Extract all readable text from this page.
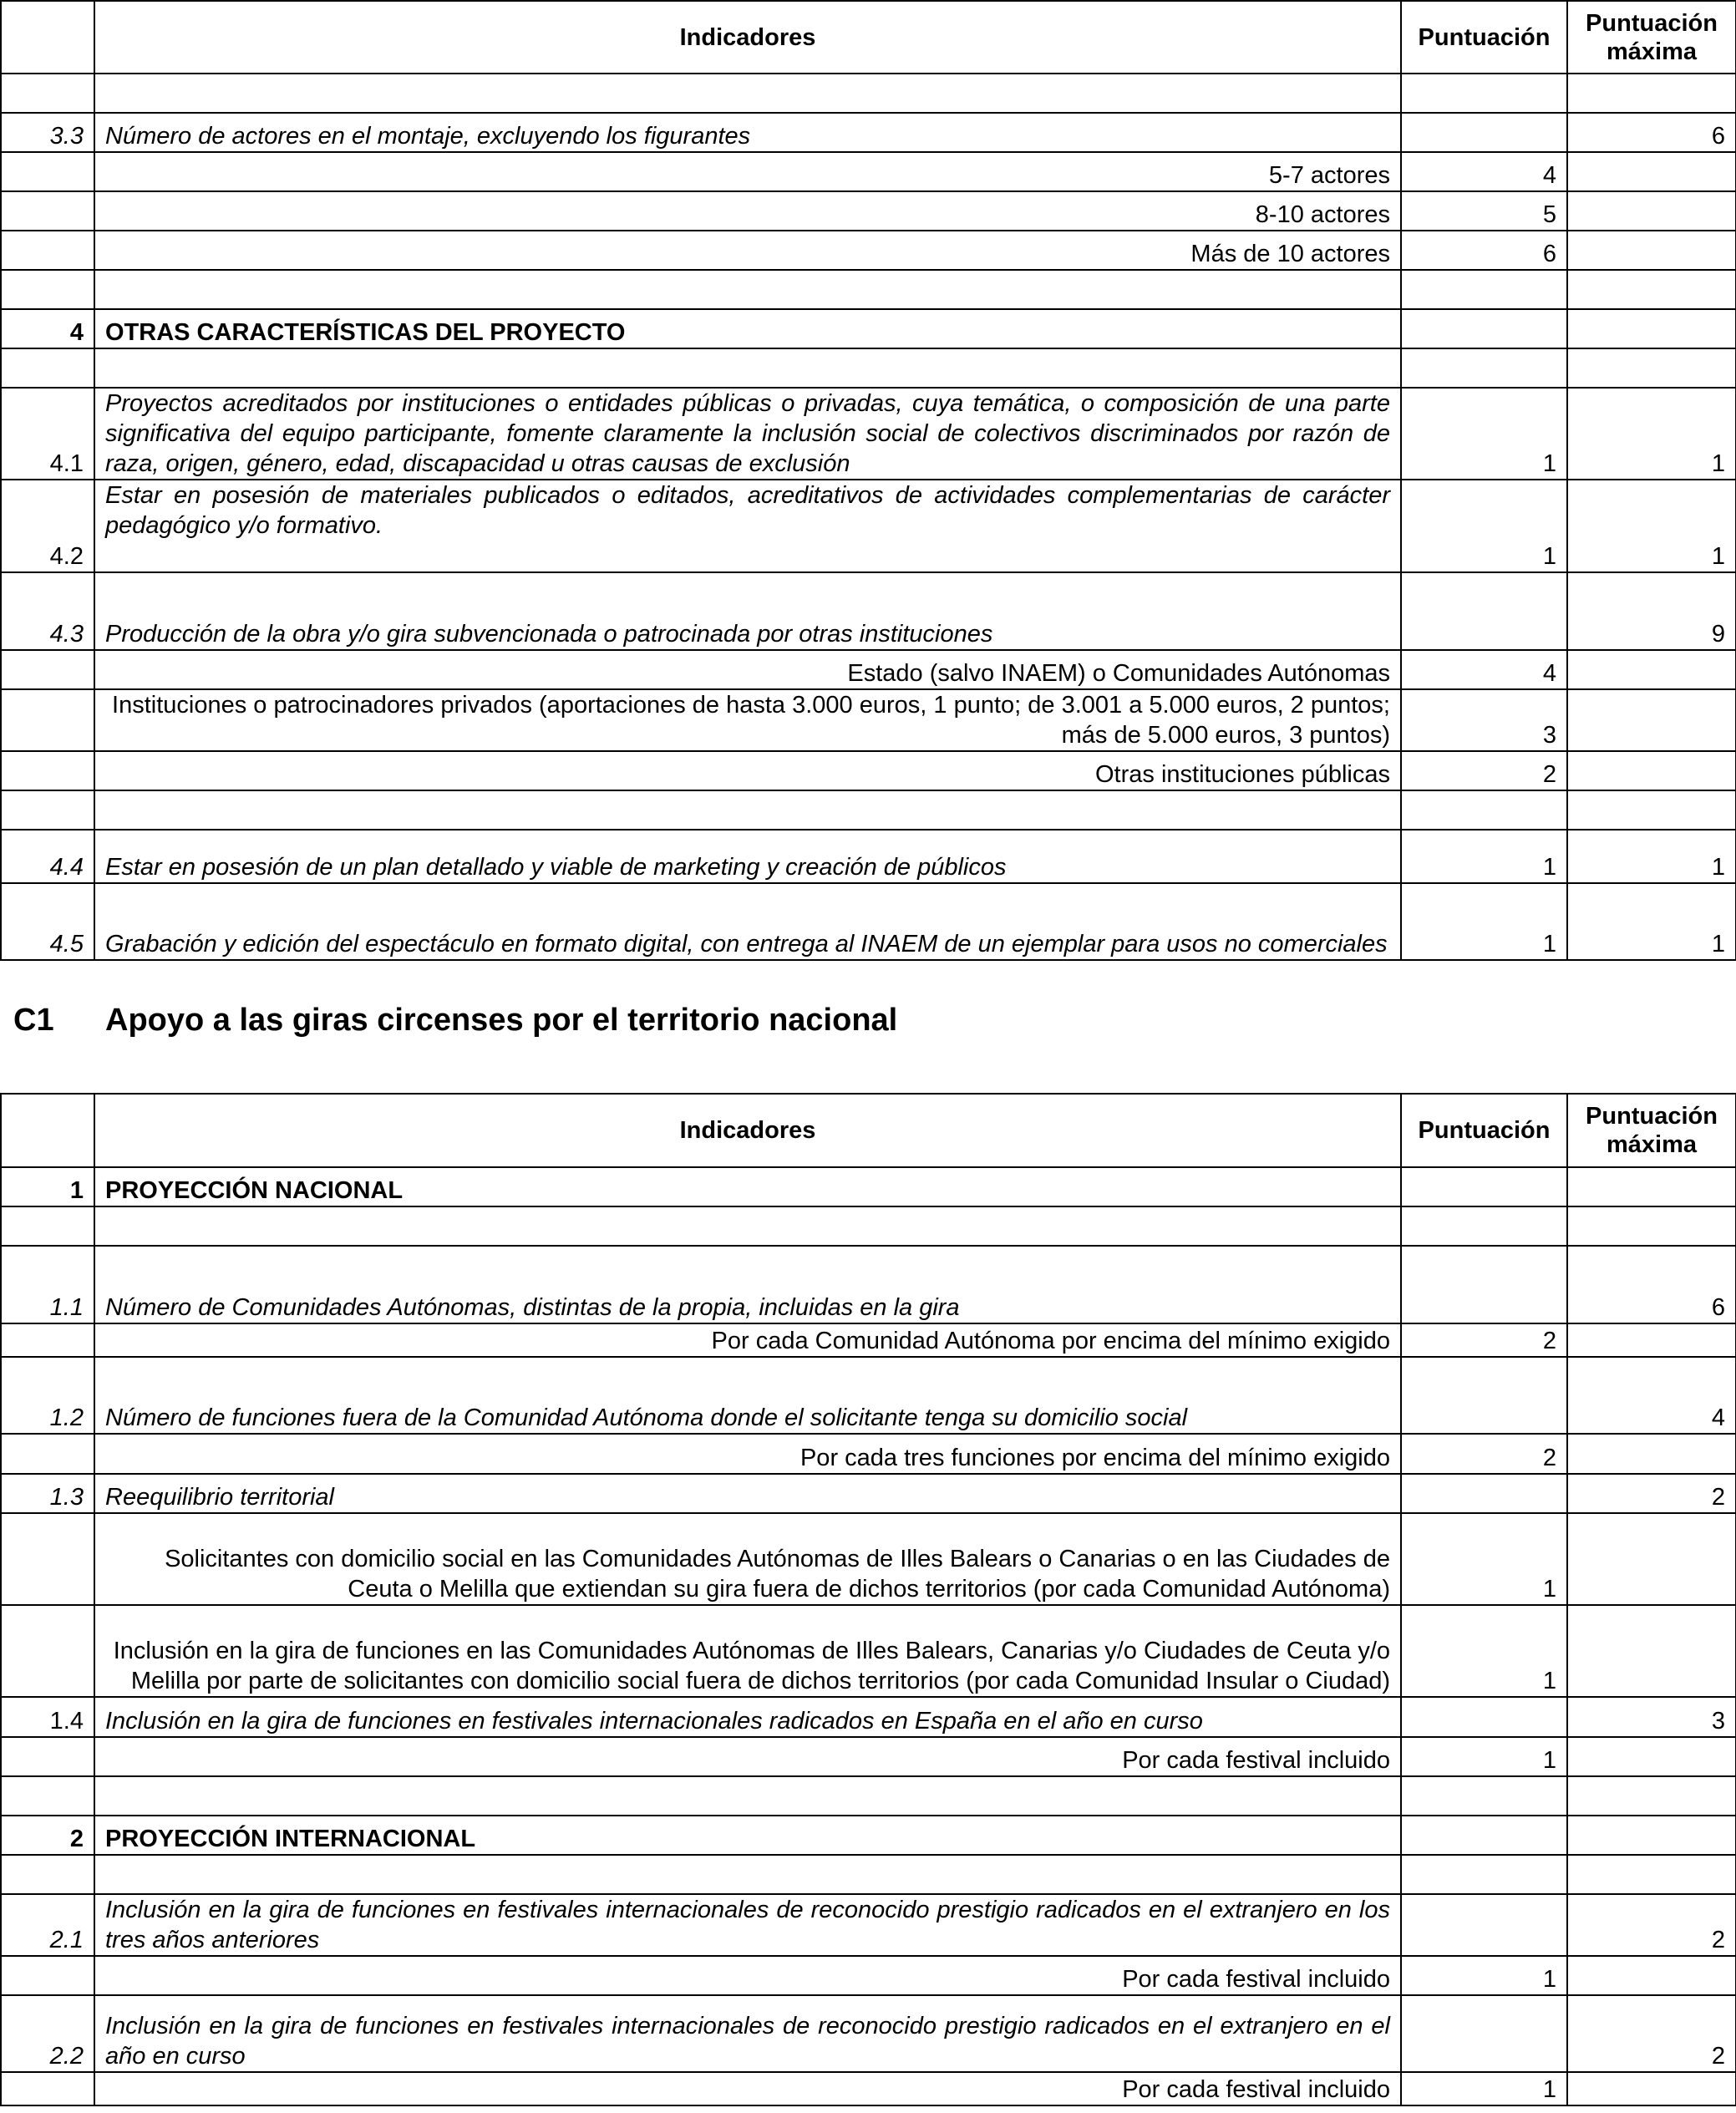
	Indicadores	Puntuación	Puntuación
máxima

3.3	Número de actores en el montaje, excluyendo los figurantes		6
	5-7 actores	4	
	8-10 actores	5	
	Más de 10 actores	6	

4	OTRAS CARACTERÍSTICAS DEL PROYECTO		

4.1	Proyectos acreditados por instituciones o entidades públicas o privadas, cuya temática, o composición de una parte significativa del equipo participante, fomente claramente la inclusión social de colectivos discriminados por razón de raza, origen, género, edad, discapacidad u otras causas de exclusión	1	1
4.2	Estar en posesión de materiales publicados o editados, acreditativos de actividades complementarias de carácter pedagógico y/o formativo.	1	1
4.3	Producción de la obra y/o gira subvencionada o patrocinada por otras instituciones		9
	Estado (salvo INAEM) o Comunidades Autónomas	4	
	Instituciones o patrocinadores privados (aportaciones de hasta 3.000 euros, 1 punto; de 3.001 a 5.000 euros, 2 puntos; más de 5.000 euros, 3 puntos)	3	
	Otras instituciones públicas	2	

4.4	Estar en posesión de un plan detallado y viable de marketing y creación de públicos	1	1
4.5	Grabación y edición del espectáculo en formato digital, con entrega al INAEM de un ejemplar para usos no comerciales	1	1
C1 Apoyo a las giras circenses por el territorio nacional
	Indicadores	Puntuación	Puntuación
máxima
1	PROYECCIÓN NACIONAL		

1.1	Número de Comunidades Autónomas, distintas de la propia, incluidas en la gira		6
	Por cada Comunidad Autónoma por encima del mínimo exigido	2	
1.2	Número de funciones fuera de la Comunidad Autónoma donde el solicitante tenga su domicilio social		4
	Por cada tres funciones por encima del mínimo exigido	2	
1.3	Reequilibrio territorial		2
	Solicitantes con domicilio social en las Comunidades Autónomas de Illes Balears o Canarias o en las Ciudades de Ceuta o Melilla que extiendan su gira fuera de dichos territorios (por cada Comunidad Autónoma)	1	
	Inclusión en la gira de funciones en las Comunidades Autónomas de Illes Balears, Canarias y/o Ciudades de Ceuta y/o Melilla por parte de solicitantes con domicilio social fuera de dichos territorios (por cada Comunidad Insular o Ciudad)	1	
1.4	Inclusión en la gira de funciones en festivales internacionales radicados en España en el año en curso		3
	Por cada festival incluido	1	

2	PROYECCIÓN INTERNACIONAL		

2.1	Inclusión en la gira de funciones en festivales internacionales de reconocido prestigio radicados en el extranjero en los tres años anteriores		2
	Por cada festival incluido	1	
2.2	Inclusión en la gira de funciones en festivales internacionales de reconocido prestigio radicados en el extranjero en el año en curso		2
	Por cada festival incluido	1	
